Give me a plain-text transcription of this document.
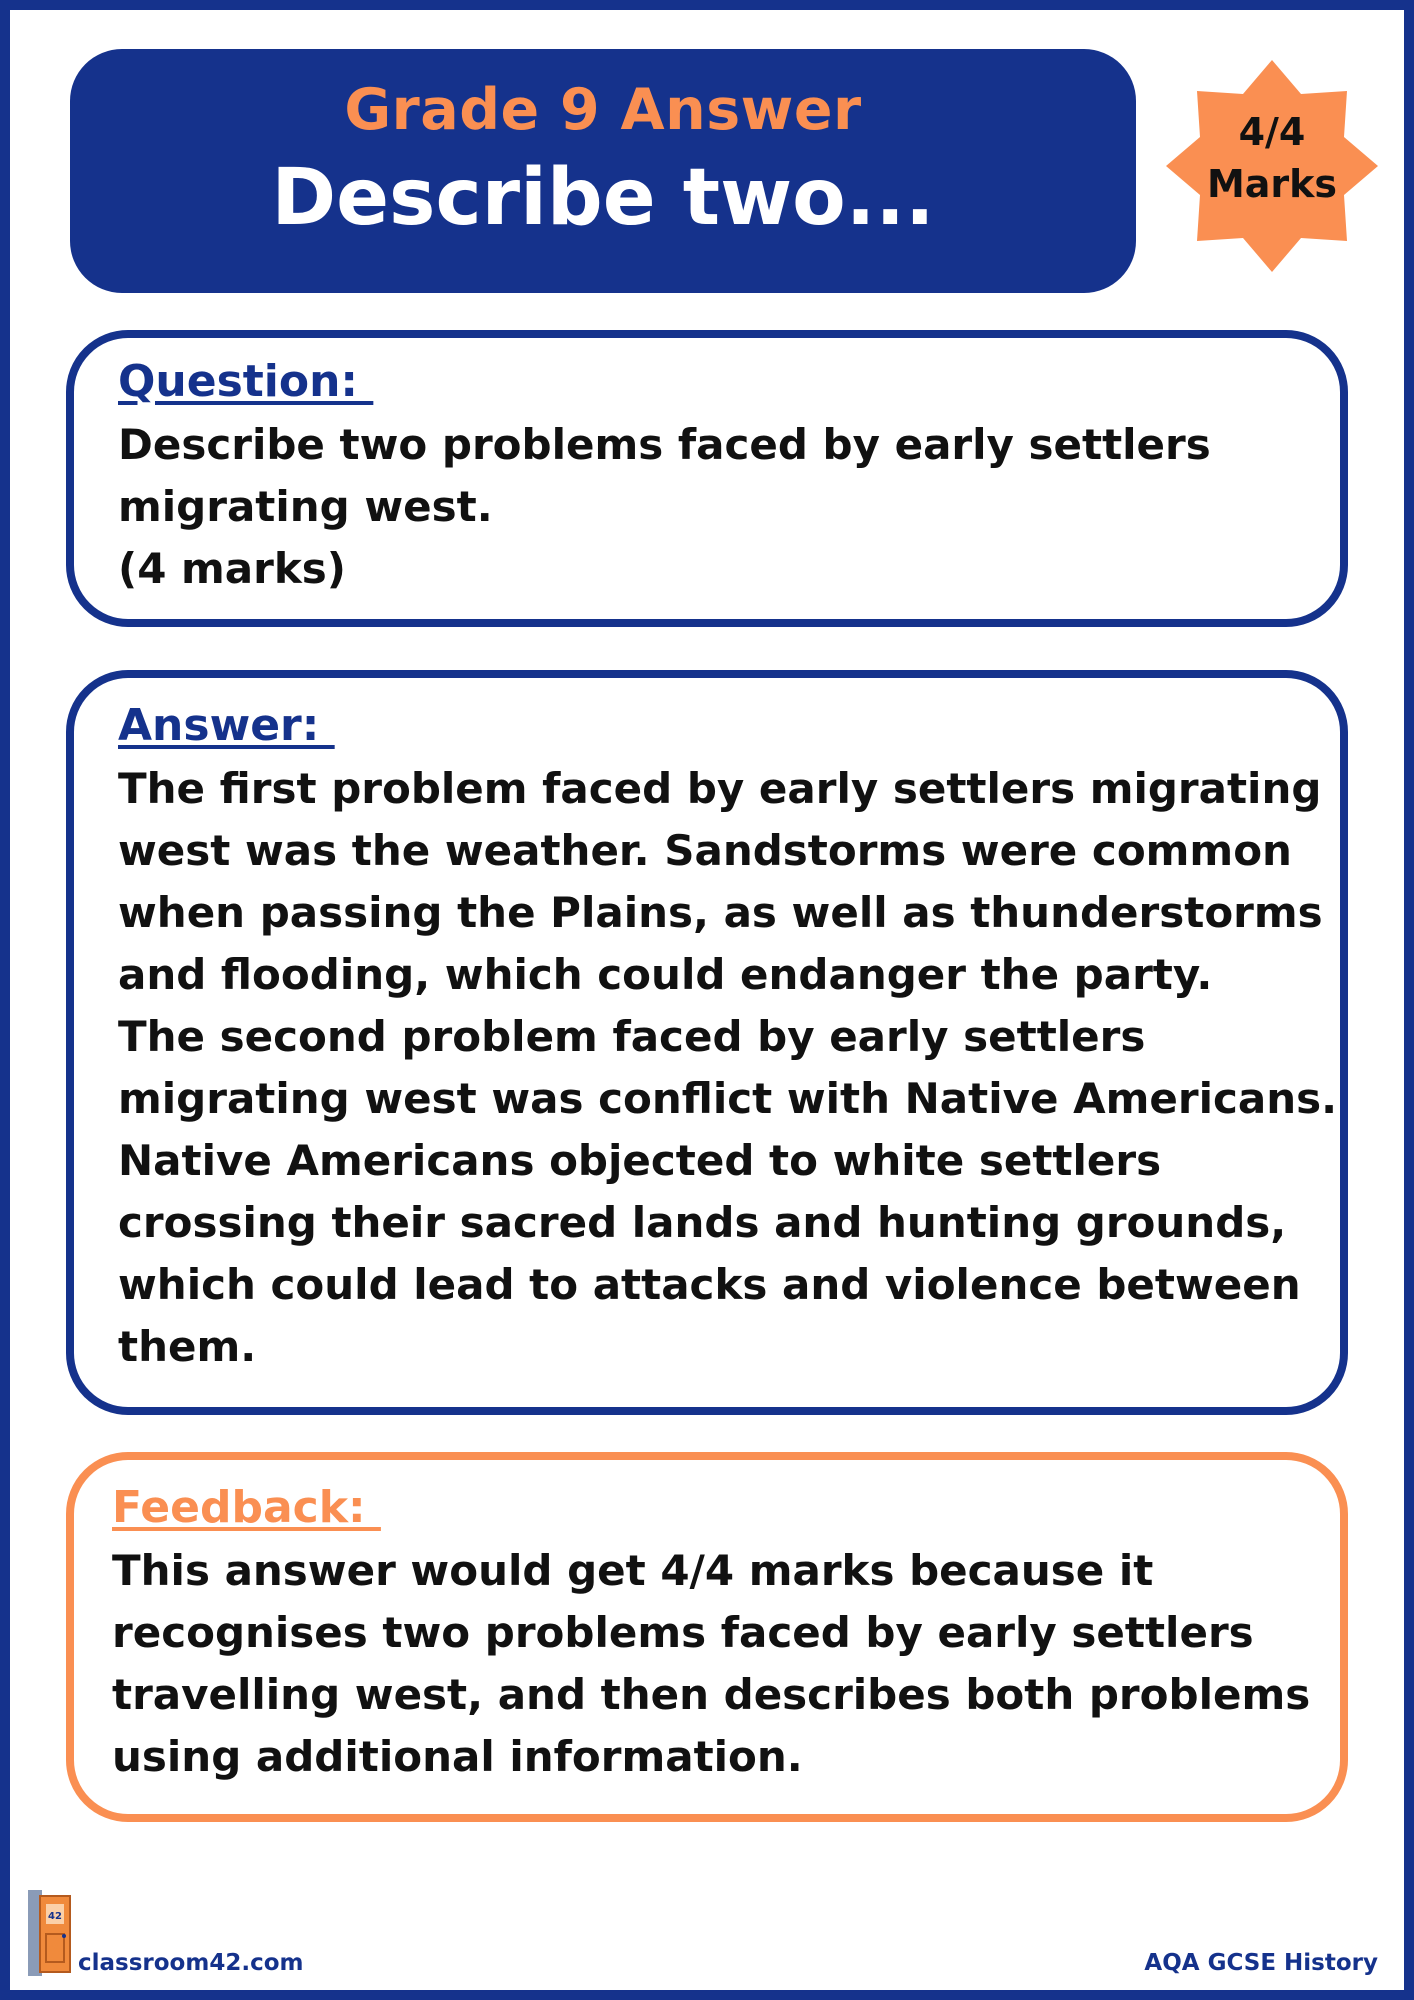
Grade 9 Answer
Describe two...
4/4
Marks
Question:
Describe two problems faced by early settlers
migrating west.
(4 marks)
Answer:
The first problem faced by early settlers migrating
west was the weather. Sandstorms were common
when passing the Plains, as well as thunderstorms
and flooding, which could endanger the party.
The second problem faced by early settlers
migrating west was conflict with Native Americans.
Native Americans objected to white settlers
crossing their sacred lands and hunting grounds,
which could lead to attacks and violence between
them.
Feedback:
This answer would get 4/4 marks because it
recognises two problems faced by early settlers
travelling west, and then describes both problems
using additional information.
42
classroom42.com	AQA GCSE History
